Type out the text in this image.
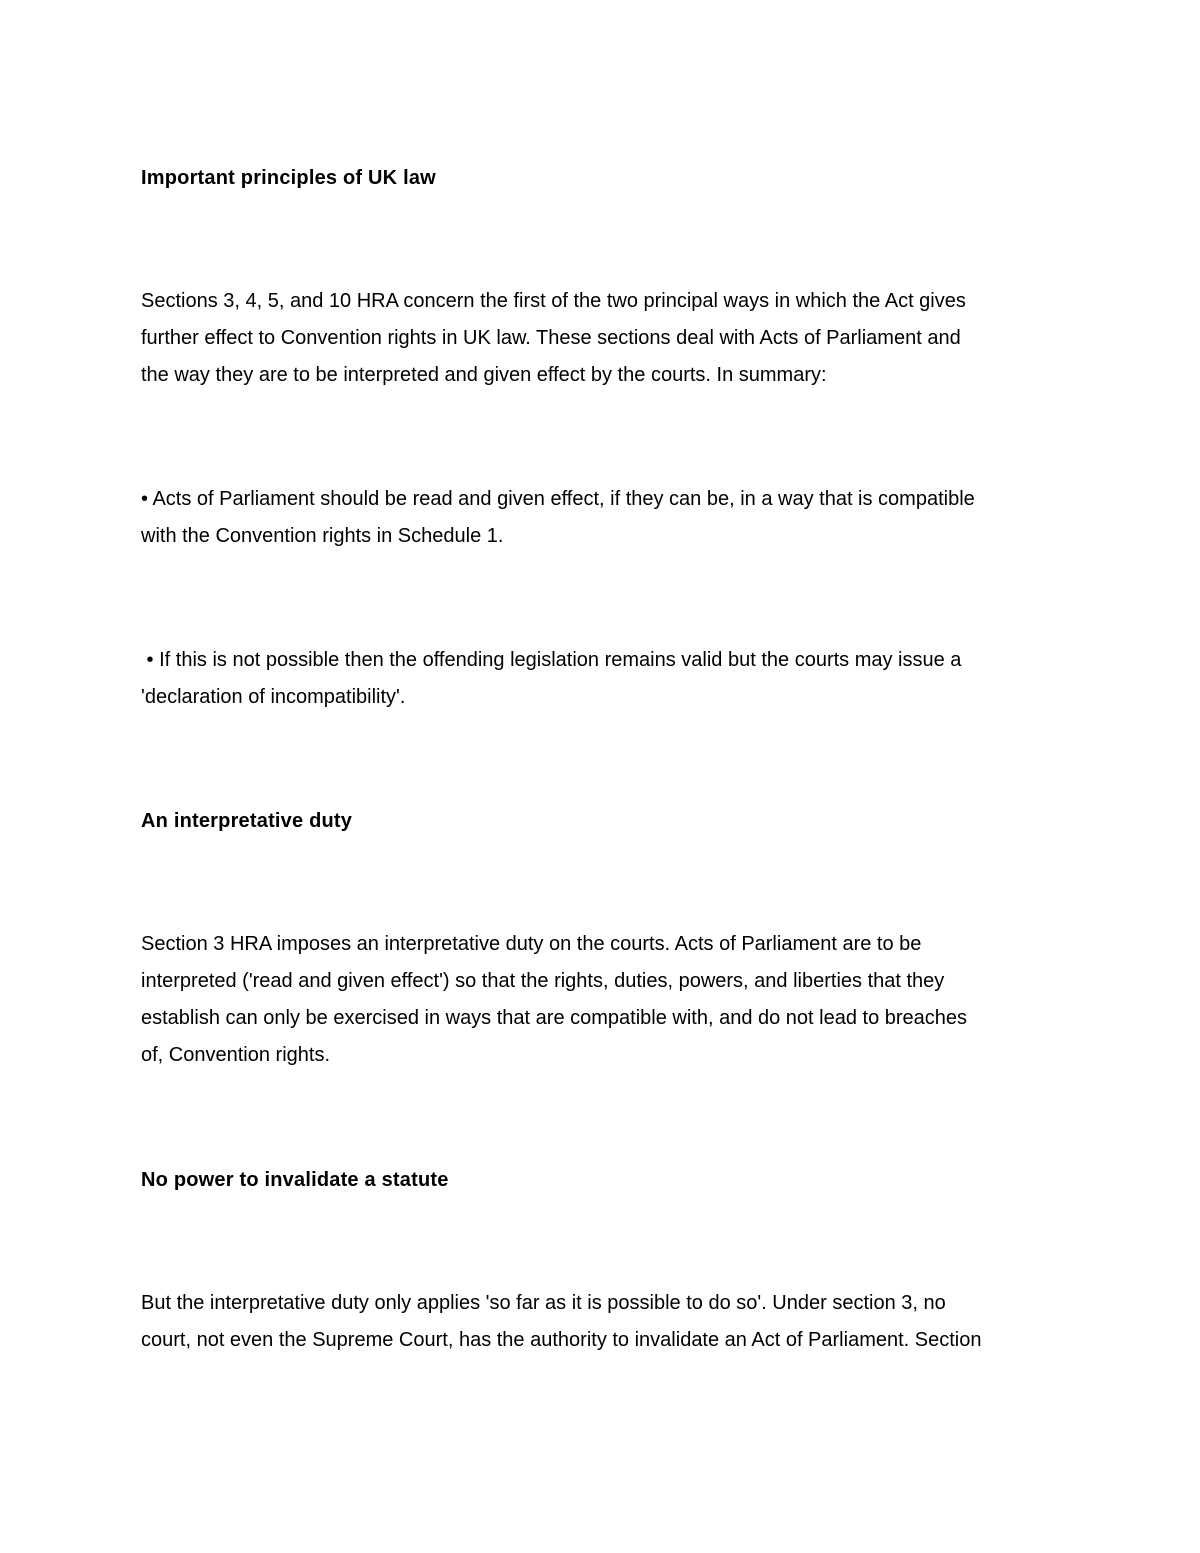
Important principles of UK law
Sections 3, 4, 5, and 10 HRA concern the first of the two principal ways in which the Act gives
further effect to Convention rights in UK law. These sections deal with Acts of Parliament and
the way they are to be interpreted and given effect by the courts. In summary:
• Acts of Parliament should be read and given effect, if they can be, in a way that is compatible
with the Convention rights in Schedule 1.
• If this is not possible then the offending legislation remains valid but the courts may issue a
'declaration of incompatibility'.
An interpretative duty
Section 3 HRA imposes an interpretative duty on the courts. Acts of Parliament are to be
interpreted ('read and given effect') so that the rights, duties, powers, and liberties that they
establish can only be exercised in ways that are compatible with, and do not lead to breaches
of, Convention rights.
No power to invalidate a statute
But the interpretative duty only applies 'so far as it is possible to do so'. Under section 3, no
court, not even the Supreme Court, has the authority to invalidate an Act of Parliament. Section
